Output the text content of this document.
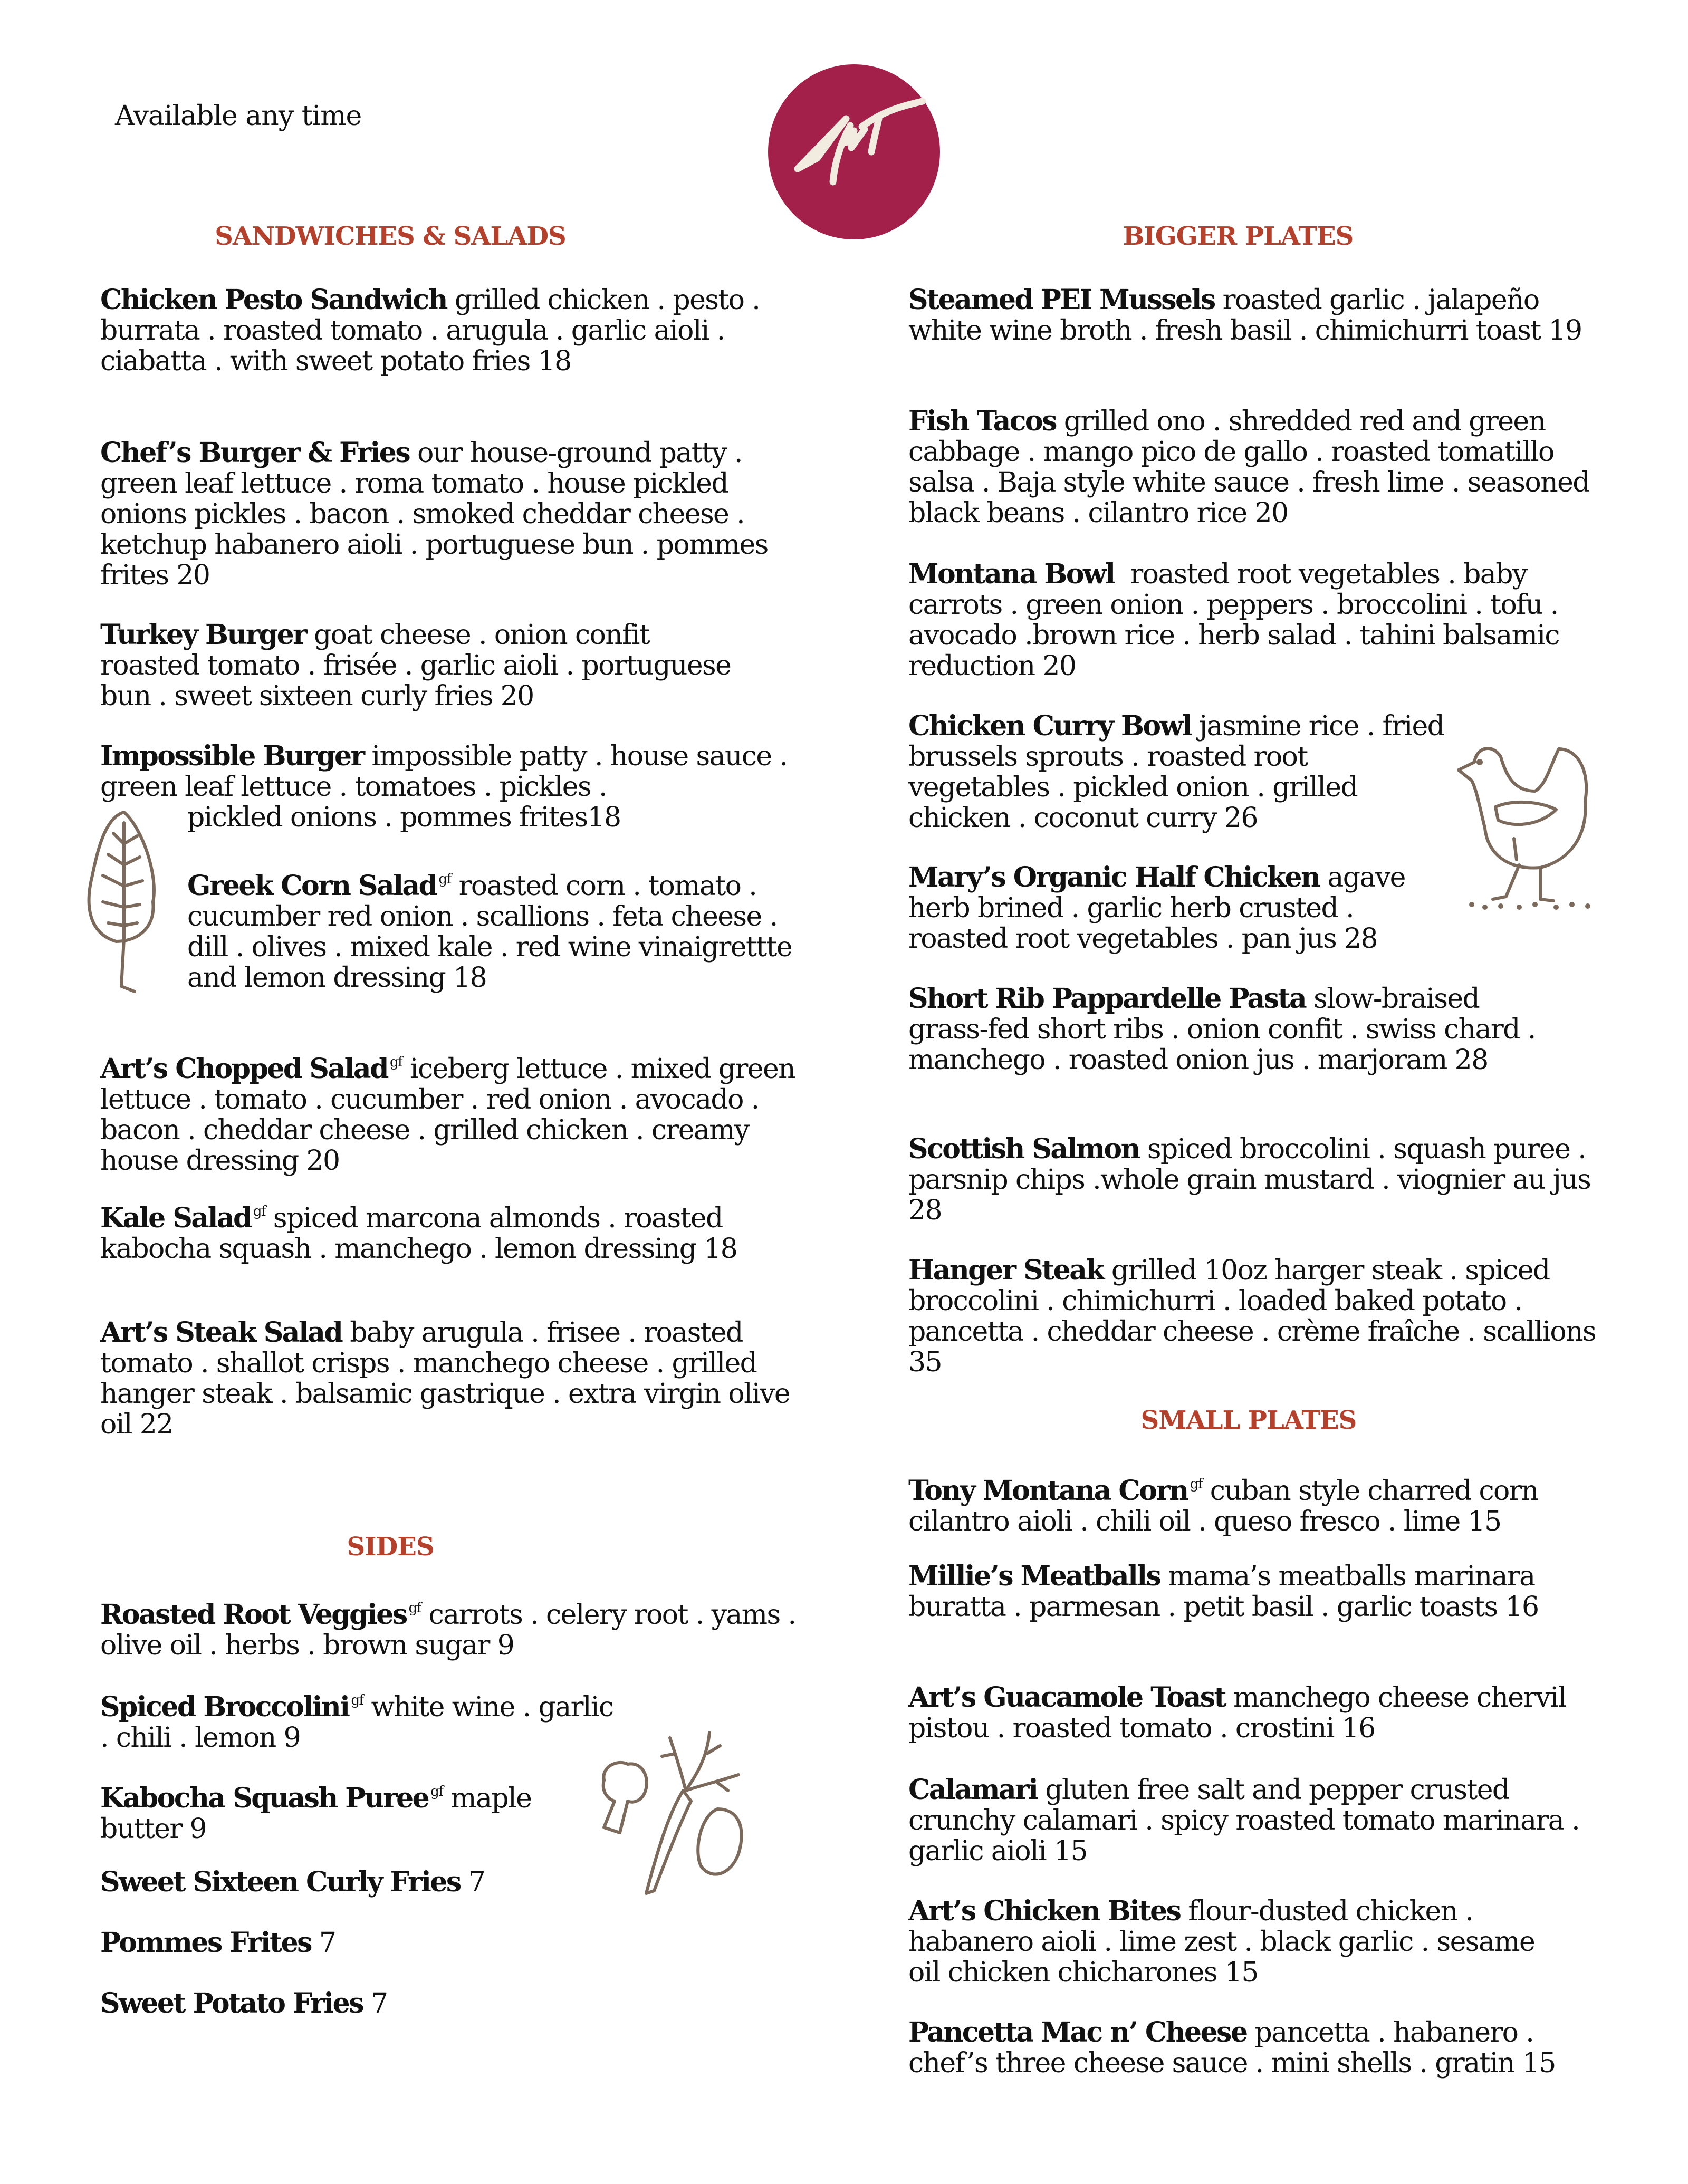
Available any time
SANDWICHES & SALADS

Chicken Pesto Sandwich grilled chicken . pesto . burrata . roasted tomato . arugula . garlic aioli . ciabatta . with sweet potato fries 18

Chef’s Burger & Fries our house-ground patty . green leaf lettuce . roma tomato . house pickled onions pickles . bacon . smoked cheddar cheese . ketchup habanero aioli . portuguese bun . pommes frites 20

Turkey Burger goat cheese . onion confit roasted tomato . frisée . garlic aioli . portuguese bun . sweet sixteen curly fries 20

Impossible Burger impossible patty . house sauce . green leaf lettuce . tomatoes . pickles .
pickled onions . pommes frites18

Greek Corn Salad $^{gf}$ roasted corn . tomato . cucumber red onion . scallions . feta cheese . dill . olives . mixed kale . red wine vinaigrettte and lemon dressing 18

Art’s Chopped Salad $^{gf}$ iceberg lettuce . mixed green lettuce . tomato . cucumber . red onion . avocado . bacon . cheddar cheese . grilled chicken . creamy house dressing 20

Kale Salad $^{gf}$ spiced marcona almonds . roasted kabocha squash . manchego . lemon dressing 18

Art’s Steak Salad baby arugula . frisee . roasted    tomato . shallot crisps . manchego cheese . grilled hanger steak . balsamic gastrique . extra virgin olive oil 22

SIDES

Roasted Root Veggies $^{gf}$ carrots . celery root . yams . olive oil . herbs . brown sugar 9

Spiced Broccolini $^{gf}$ white wine . garlic . chili . lemon 9

Kabocha Squash Puree $^{gf}$ maple butter 9

Sweet Sixteen Curly Fries 7

Pommes Frites 7

Sweet Potato Fries 7

BIGGER PLATES

Steamed PEI Mussels roasted garlic . jalapeño white wine broth . fresh basil . chimichurri toast 19

Fish Tacos grilled ono . shredded red and green cabbage . mango pico de gallo . roasted tomatillo salsa . Baja style white sauce . fresh lime . seasoned black beans . cilantro rice 20

Montana Bowl  roasted root vegetables . baby carrots . green onion . peppers . broccolini . tofu . avocado .brown rice . herb salad . tahini balsamic reduction 20

Chicken Curry Bowl jasmine rice . fried brussels sprouts . roasted root vegetables . pickled onion . grilled chicken . coconut curry 26

Mary’s Organic Half Chicken agave herb brined . garlic herb crusted . roasted root vegetables . pan jus 28

Short Rib Pappardelle Pasta slow-braised grass-fed short ribs . onion confit . swiss chard . manchego . roasted onion jus . marjoram 28

Scottish Salmon spiced broccolini . squash puree . parsnip chips .whole grain mustard . viognier au jus 28

Hanger Steak grilled 10oz harger steak . spiced broccolini . chimichurri . loaded baked potato . pancetta . cheddar cheese . crème fraîche . scallions 35

SMALL PLATES

Tony Montana Corn $^{gf}$ cuban style charred corn cilantro aioli . chili oil . queso fresco . lime 15

Millie’s Meatballs mama’s meatballs marinara buratta . parmesan . petit basil . garlic toasts 16

Art’s Guacamole Toast manchego cheese chervil pistou . roasted tomato . crostini 16

Calamari gluten free salt and pepper crusted crunchy calamari . spicy roasted tomato marinara . garlic aioli 15

Art’s Chicken Bites flour-dusted chicken . habanero aioli . lime zest . black garlic . sesame oil chicken chicharones 15

Pancetta Mac n’ Cheese pancetta . habanero . chef’s three cheese sauce . mini shells . gratin 15
